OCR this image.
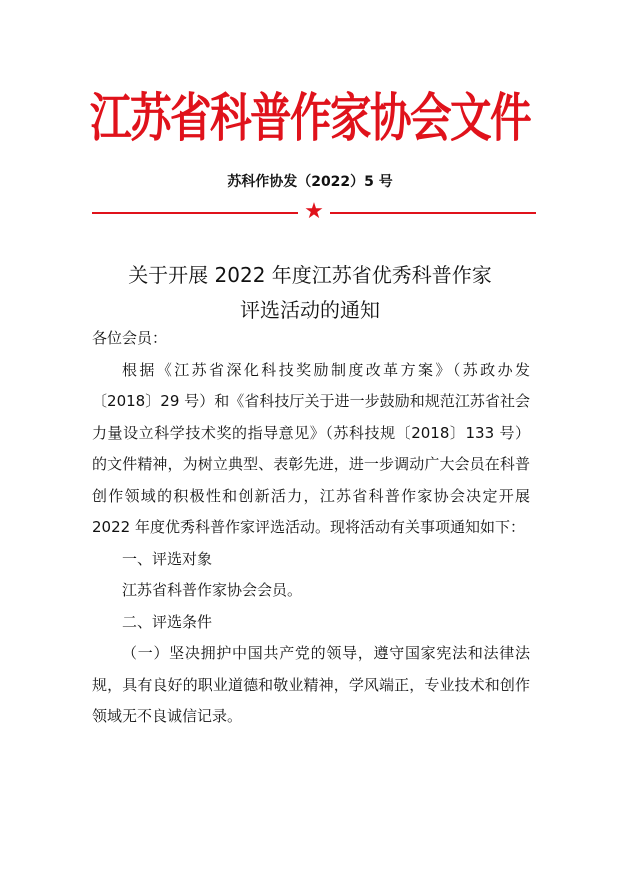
江苏省科普作家协会文件
苏科作协发（2022）5 号
★
关于开展 2022 年度江苏省优秀科普作家
评选活动的通知

各位会员：

根据《江苏省深化科技奖励制度改革方案》（苏政办发〔2018〕29 号）和《省科技厅关于进一步鼓励和规范江苏省社会力量设立科学技术奖的指导意见》（苏科技规〔2018〕133 号）的文件精神，为树立典型、表彰先进，进一步调动广大会员在科普创作领域的积极性和创新活力，江苏省科普作家协会决定开展 2022 年度优秀科普作家评选活动。现将活动有关事项通知如下：

一、评选对象

江苏省科普作家协会会员。

二、评选条件

（一）坚决拥护中国共产党的领导，遵守国家宪法和法律法规，具有良好的职业道德和敬业精神，学风端正，专业技术和创作领域无不良诚信记录。
